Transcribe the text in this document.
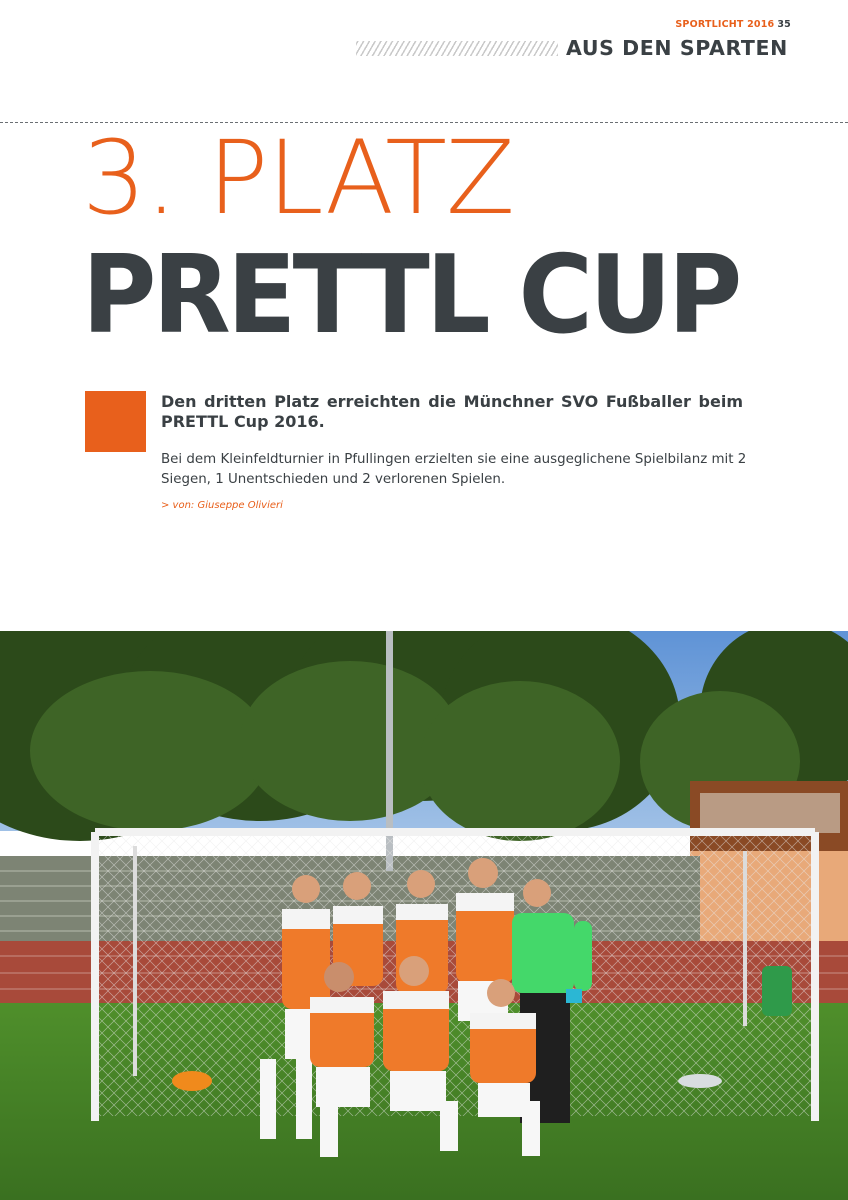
SPORTLICHT 2016 35
AUS DEN SPARTEN
3. PLATZ
PRETTL CUP
Den dritten Platz erreichten die Münchner SVO Fußballer beim PRETTL Cup 2016.
Bei dem Kleinfeldturnier in Pfullingen erzielten sie eine ausgeglichene Spielbilanz mit 2 Siegen, 1 Unentschieden und 2 verlorenen Spielen.
> von: Giuseppe Olivieri
